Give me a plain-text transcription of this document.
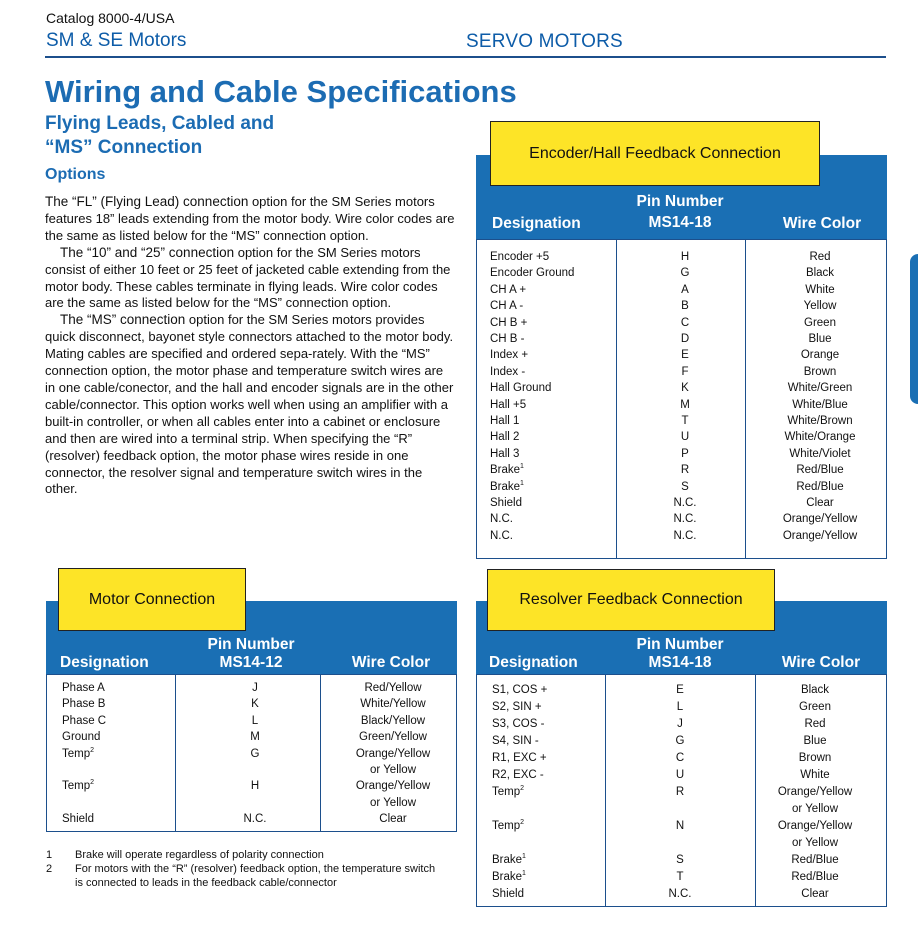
Catalog 8000-4/USA
SM & SE Motors	SERVO MOTORS
Wiring and Cable Specifications
Flying Leads, Cabled and
“MS” Connection
Options

The “FL” (Flying Lead) connection option for the SM Series motors features 18” leads extending from the motor body. Wire color codes are the same as listed below for the “MS” connection option.

The “10” and “25” connection option for the SM Series motors consist of either 10 feet or 25 feet of jacketed cable extending from the motor body. These cables terminate in flying leads. Wire color codes are the same as listed below for the “MS” connection option.

The “MS” connection option for the SM Series motors provides quick disconnect, bayonet style connectors attached to the motor body. Mating cables are specified and ordered sepa-rately. With the “MS” connection option, the motor phase and temperature switch wires are in one cable/conector, and the hall and encoder signals are in the other cable/connector. This option works well when using an amplifier with a built-in controller, or when all cables enter into a cabinet or enclosure and then are wired into a terminal strip. When specifying the “R” (resolver) feedback option, the motor phase wires reside in one connector, the resolver signal and temperature switch wires in the other.

Encoder/Hall Feedback Connection
Designation
Pin Number
MS14-18	Wire Color
Encoder +5	H	Red
Encoder Ground	G	Black
CH A +	A	White
CH A -	B	Yellow
CH B +	C	Green
CH B -	D	Blue
Index +	E	Orange
Index -	F	Brown
Hall Ground	K	White/Green
Hall +5	M	White/Blue
Hall 1	T	White/Brown
Hall 2	U	White/Orange
Hall 3	P	White/Violet
Brake$^1$	R	Red/Blue
Brake$^1$	S	Red/Blue
Shield	N.C.	Clear
N.C.	N.C.	Orange/Yellow
N.C.	N.C.	Orange/Yellow
Motor Connection
Designation
Pin Number
MS14-12	Wire Color
Phase A	J	Red/Yellow
Phase B	K	White/Yellow
Phase C	L	Black/Yellow
Ground	M	Green/Yellow
Temp$^2$	G	Orange/Yellow
or Yellow
Temp$^2$	H	Orange/Yellow
or Yellow
Shield	N.C.	Clear
1 Brake will operate regardless of polarity connection
2 For motors with the “R” (resolver) feedback option, the temperature switch
is connected to leads in the feedback cable/connector
Resolver Feedback Connection
Designation
Pin Number
MS14-18	Wire Color
S1, COS +	E	Black
S2, SIN +	L	Green
S3, COS -	J	Red
S4, SIN -	G	Blue
R1, EXC +	C	Brown
R2, EXC -	U	White
Temp$^2$	R	Orange/Yellow
or Yellow
Temp$^2$	N	Orange/Yellow
or Yellow
Brake$^1$	S	Red/Blue
Brake$^1$	T	Red/Blue
Shield	N.C.	Clear
